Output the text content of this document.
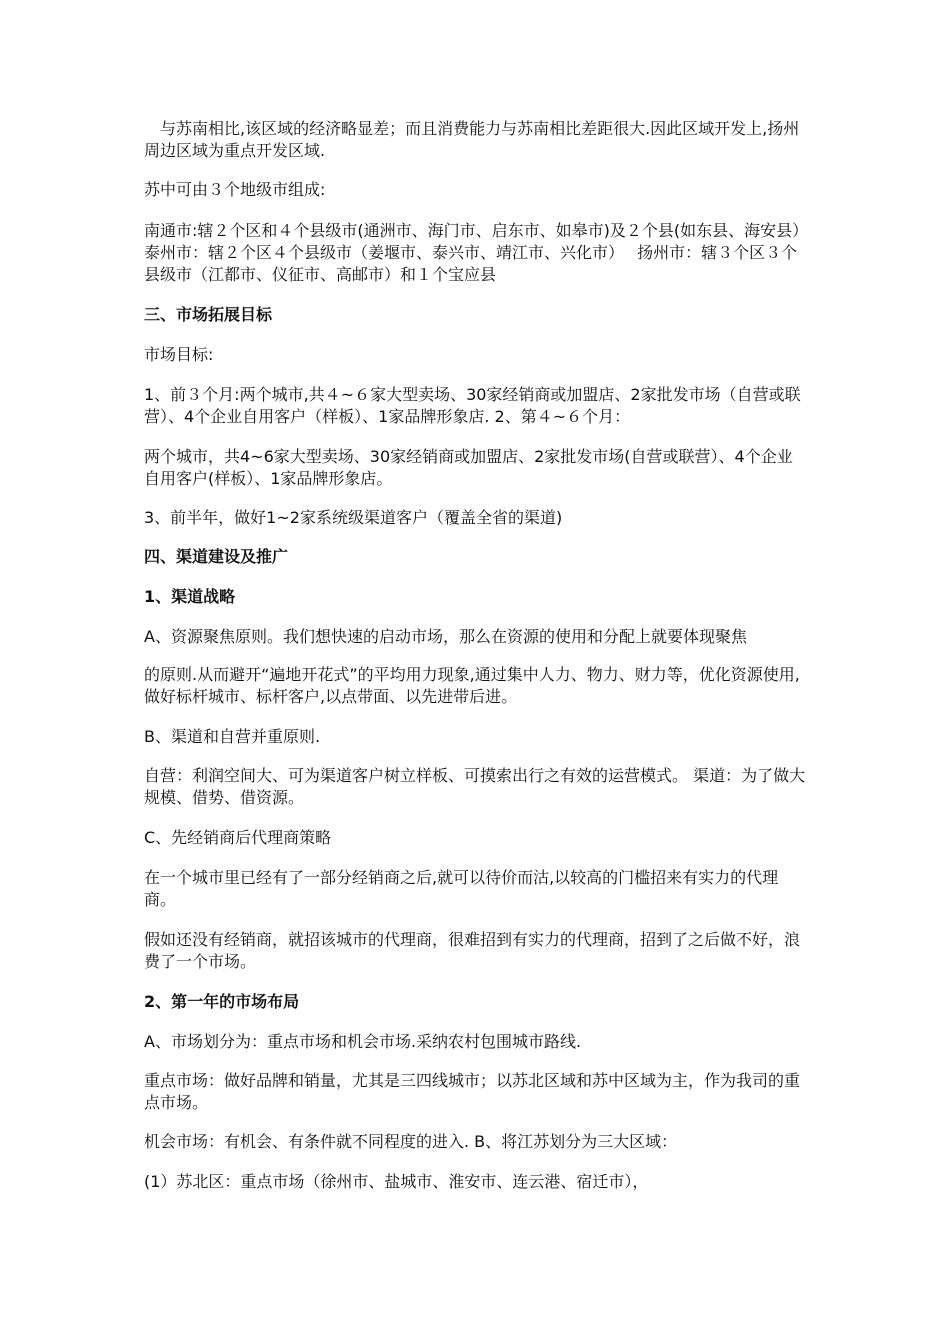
　与苏南相比,该区域的经济略显差；而且消费能力与苏南相比差距很大.因此区域开发上,扬州周边区域为重点开发区域.

苏中可由３个地级市组成:

南通市:辖２个区和４个县级市(通洲市、海门市、启东市、如皋市)及２个县(如东县、海安县）　泰州市：辖２个区４个县级市（姜堰市、泰兴市、靖江市、兴化市）　 扬州市：辖３个区３个县级市（江都市、仪征市、高邮市）和１个宝应县

三、市场拓展目标

市场目标:

1、前３个月:两个城市,共４~６家大型卖场、30家经销商或加盟店、2家批发市场（自营或联营）、4个企业自用客户（样板）、1家品牌形象店. 2、第４~６个月：

两个城市，共4~6家大型卖场、30家经销商或加盟店、2家批发市场(自营或联营）、4个企业自用客户(样板）、1家品牌形象店。

3、前半年，做好1~2家系统级渠道客户（覆盖全省的渠道)

四、渠道建设及推广

1、渠道战略

A、资源聚焦原则。我们想快速的启动市场，那么在资源的使用和分配上就要体现聚焦

的原则.从而避开“遍地开花式”的平均用力现象,通过集中人力、物力、财力等，优化资源使用,做好标杆城市、标杆客户,以点带面、以先进带后进。

B、渠道和自营并重原则.

自营：利润空间大、可为渠道客户树立样板、可摸索出行之有效的运营模式。 渠道：为了做大规模、借势、借资源。

C、先经销商后代理商策略

在一个城市里已经有了一部分经销商之后,就可以待价而沽,以较高的门槛招来有实力的代理商。

假如还没有经销商，就招该城市的代理商，很难招到有实力的代理商，招到了之后做不好，浪费了一个市场。

2、第一年的市场布局

A、市场划分为：重点市场和机会市场.采纳农村包围城市路线.

重点市场：做好品牌和销量，尤其是三四线城市；以苏北区域和苏中区域为主，作为我司的重点市场。

机会市场：有机会、有条件就不同程度的进入. B、将江苏划分为三大区域：

(1）苏北区：重点市场（徐州市、盐城市、淮安市、连云港、宿迁市），
